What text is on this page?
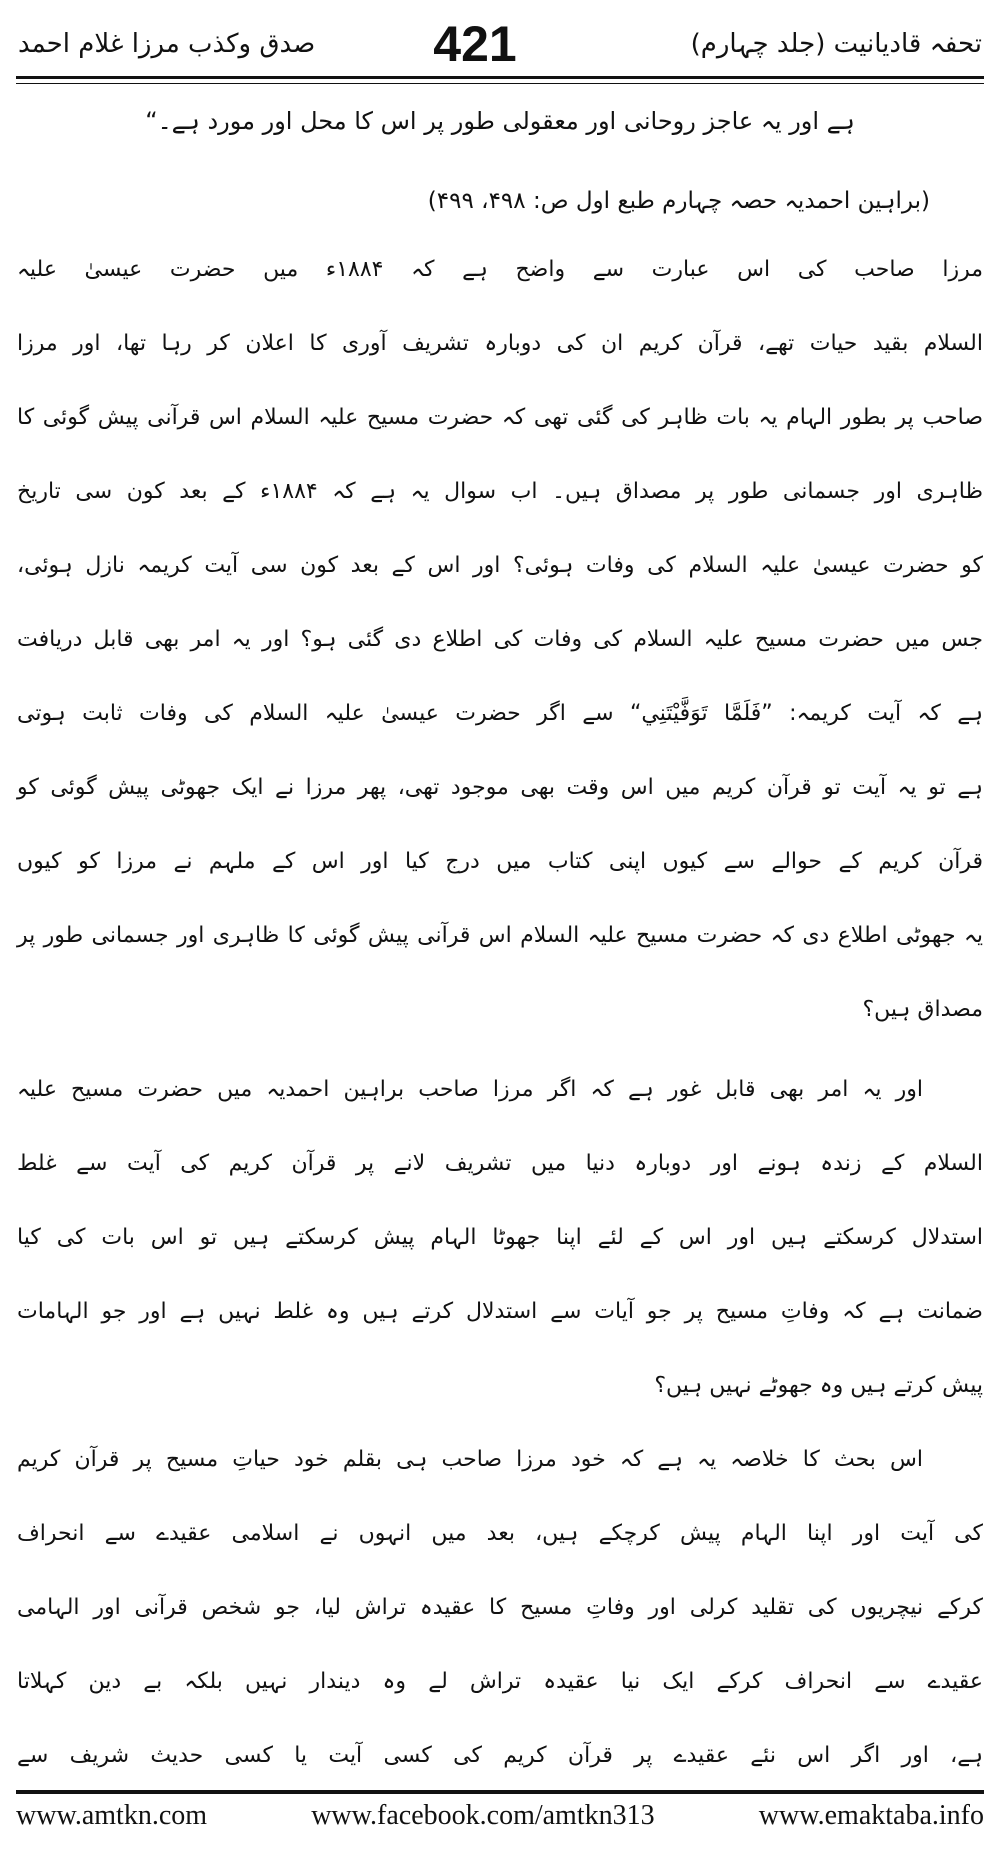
تحفہ قادیانیت (جلد چہارم)
421
صدق وکذب مرزا غلام احمد
ہے اور یہ عاجز روحانی اور معقولی طور پر اس کا محل اور مورد ہے۔“
(براہین احمدیہ حصہ چہارم طبع اول ص: ۴۹۸، ۴۹۹)
مرزا صاحب کی اس عبارت سے واضح ہے کہ ۱۸۸۴ء میں حضرت عیسیٰ علیہ
السلام بقید حیات تھے، قرآن کریم ان کی دوبارہ تشریف آوری کا اعلان کر رہا تھا، اور مرزا
صاحب پر بطور الہام یہ بات ظاہر کی گئی تھی کہ حضرت مسیح علیہ السلام اس قرآنی پیش گوئی کا
ظاہری اور جسمانی طور پر مصداق ہیں۔ اب سوال یہ ہے کہ ۱۸۸۴ء کے بعد کون سی تاریخ
کو حضرت عیسیٰ علیہ السلام کی وفات ہوئی؟ اور اس کے بعد کون سی آیت کریمہ نازل ہوئی،
جس میں حضرت مسیح علیہ السلام کی وفات کی اطلاع دی گئی ہو؟ اور یہ امر بھی قابل دریافت
ہے کہ آیت کریمہ: ”فَلَمَّا تَوَفَّيْتَنِي“ سے اگر حضرت عیسیٰ علیہ السلام کی وفات ثابت ہوتی
ہے تو یہ آیت تو قرآن کریم میں اس وقت بھی موجود تھی، پھر مرزا نے ایک جھوٹی پیش گوئی کو
قرآن کریم کے حوالے سے کیوں اپنی کتاب میں درج کیا اور اس کے ملہم نے مرزا کو کیوں
یہ جھوٹی اطلاع دی کہ حضرت مسیح علیہ السلام اس قرآنی پیش گوئی کا ظاہری اور جسمانی طور پر
مصداق ہیں؟
اور یہ امر بھی قابل غور ہے کہ اگر مرزا صاحب براہین احمدیہ میں حضرت مسیح علیہ
السلام کے زندہ ہونے اور دوبارہ دنیا میں تشریف لانے پر قرآن کریم کی آیت سے غلط
استدلال کرسکتے ہیں اور اس کے لئے اپنا جھوٹا الہام پیش کرسکتے ہیں تو اس بات کی کیا
ضمانت ہے کہ وفاتِ مسیح پر جو آیات سے استدلال کرتے ہیں وہ غلط نہیں ہے اور جو الہامات
پیش کرتے ہیں وہ جھوٹے نہیں ہیں؟
اس بحث کا خلاصہ یہ ہے کہ خود مرزا صاحب ہی بقلم خود حیاتِ مسیح پر قرآن کریم
کی آیت اور اپنا الہام پیش کرچکے ہیں، بعد میں انہوں نے اسلامی عقیدے سے انحراف
کرکے نیچریوں کی تقلید کرلی اور وفاتِ مسیح کا عقیدہ تراش لیا، جو شخص قرآنی اور الہامی
عقیدے سے انحراف کرکے ایک نیا عقیدہ تراش لے وہ دیندار نہیں بلکہ بے دین کہلاتا
ہے، اور اگر اس نئے عقیدے پر قرآن کریم کی کسی آیت یا کسی حدیث شریف سے
www.amtkn.com	www.facebook.com/amtkn313	www.emaktaba.info
